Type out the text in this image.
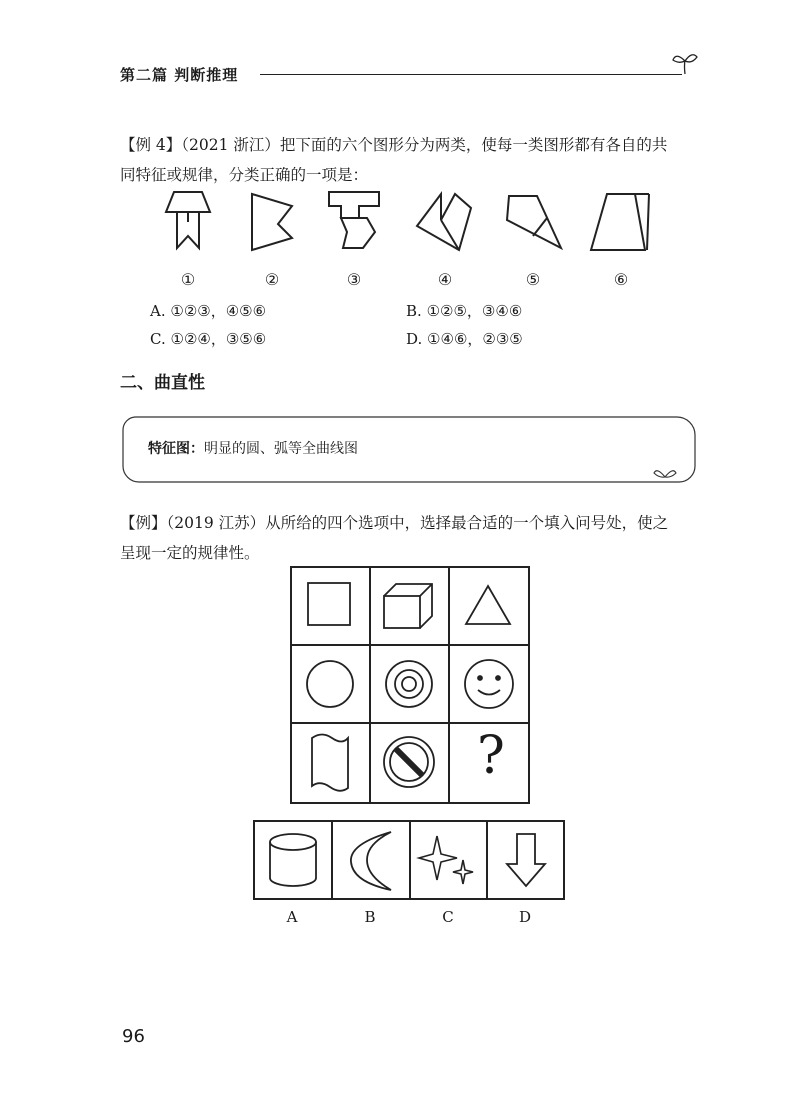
第二篇 判断推理
【例 4】（2021 浙江）把下面的六个图形分为两类，使每一类图形都有各自的共
同特征或规律，分类正确的一项是：
①	②	③	④	⑤	⑥
A. ①②③，④⑤⑥	B. ①②⑤，③④⑥
C. ①②④，③⑤⑥	D. ①④⑥，②③⑤
二、曲直性
特征图：明显的圆、弧等全曲线图
【例】（2019 江苏）从所给的四个选项中，选择最合适的一个填入问号处，使之
呈现一定的规律性。
?
A	B	C	D
96
